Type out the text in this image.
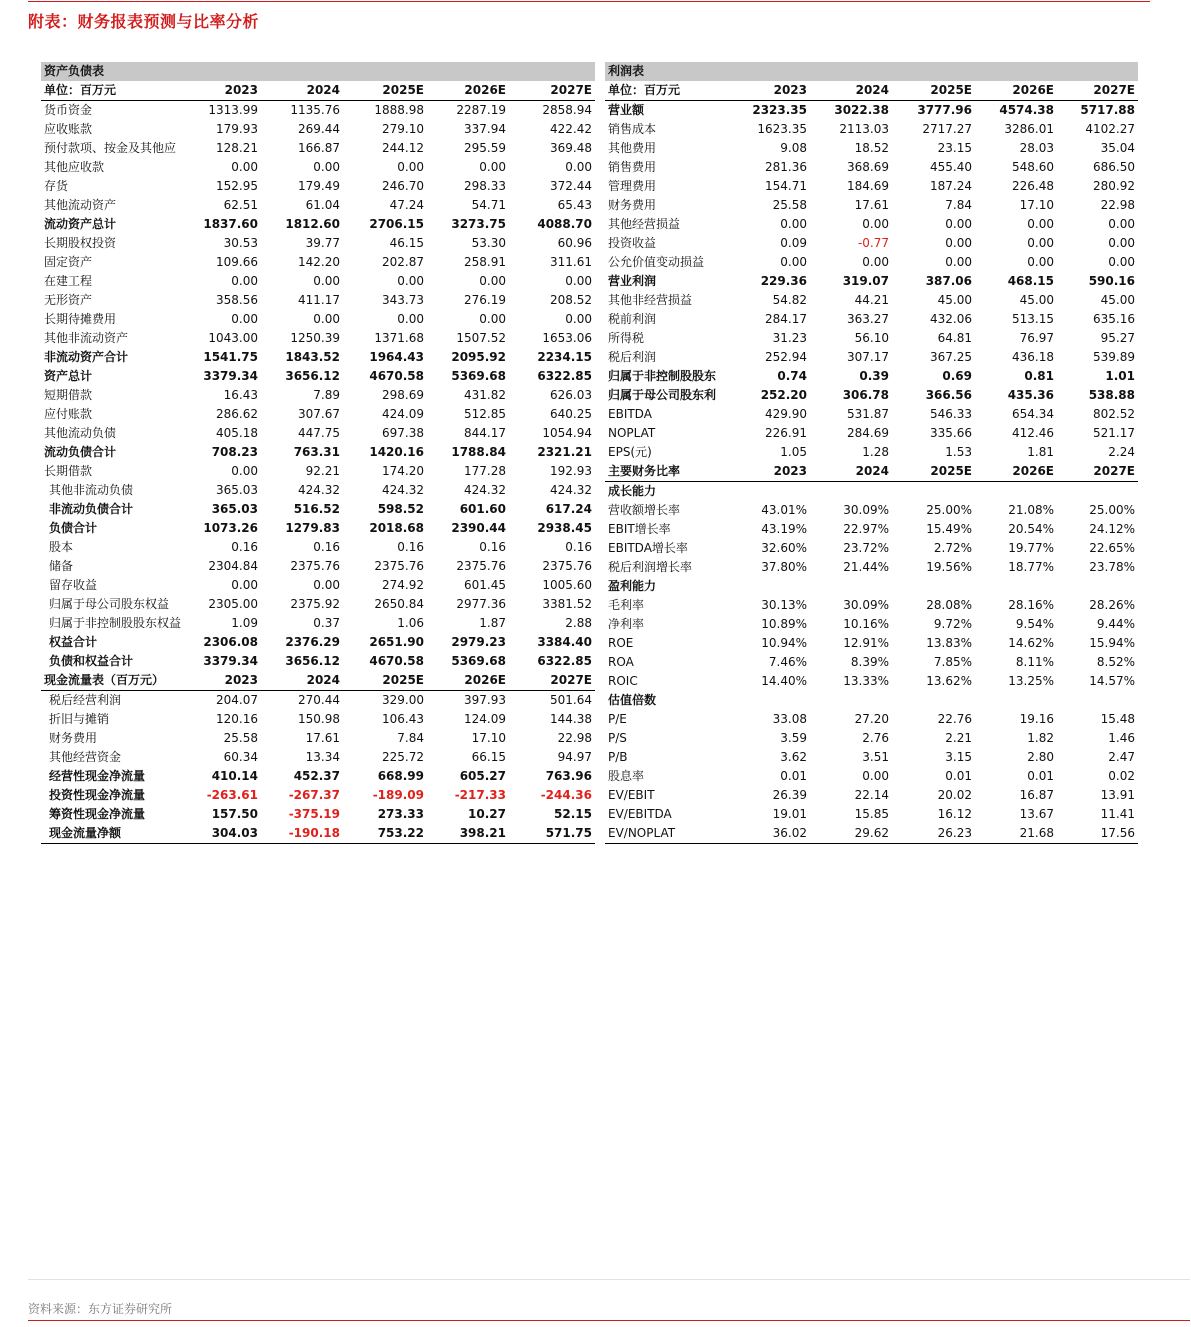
附表：财务报表预测与比率分析
资产负债表					
单位：百万元	2023	2024	2025E	2026E	2027E
货币资金	1313.99	1135.76	1888.98	2287.19	2858.94
应收账款	179.93	269.44	279.10	337.94	422.42
预付款项、按金及其他应	128.21	166.87	244.12	295.59	369.48
其他应收款	0.00	0.00	0.00	0.00	0.00
存货	152.95	179.49	246.70	298.33	372.44
其他流动资产	62.51	61.04	47.24	54.71	65.43
流动资产总计	1837.60	1812.60	2706.15	3273.75	4088.70
长期股权投资	30.53	39.77	46.15	53.30	60.96
固定资产	109.66	142.20	202.87	258.91	311.61
在建工程	0.00	0.00	0.00	0.00	0.00
无形资产	358.56	411.17	343.73	276.19	208.52
长期待摊费用	0.00	0.00	0.00	0.00	0.00
其他非流动资产	1043.00	1250.39	1371.68	1507.52	1653.06
非流动资产合计	1541.75	1843.52	1964.43	2095.92	2234.15
资产总计	3379.34	3656.12	4670.58	5369.68	6322.85
短期借款	16.43	7.89	298.69	431.82	626.03
应付账款	286.62	307.67	424.09	512.85	640.25
其他流动负债	405.18	447.75	697.38	844.17	1054.94
流动负债合计	708.23	763.31	1420.16	1788.84	2321.21
长期借款	0.00	92.21	174.20	177.28	192.93
其他非流动负债	365.03	424.32	424.32	424.32	424.32
非流动负债合计	365.03	516.52	598.52	601.60	617.24
负债合计	1073.26	1279.83	2018.68	2390.44	2938.45
股本	0.16	0.16	0.16	0.16	0.16
储备	2304.84	2375.76	2375.76	2375.76	2375.76
留存收益	0.00	0.00	274.92	601.45	1005.60
归属于母公司股东权益	2305.00	2375.92	2650.84	2977.36	3381.52
归属于非控制股股东权益	1.09	0.37	1.06	1.87	2.88
权益合计	2306.08	2376.29	2651.90	2979.23	3384.40
负债和权益合计	3379.34	3656.12	4670.58	5369.68	6322.85
现金流量表（百万元）	2023	2024	2025E	2026E	2027E
税后经营利润	204.07	270.44	329.00	397.93	501.64
折旧与摊销	120.16	150.98	106.43	124.09	144.38
财务费用	25.58	17.61	7.84	17.10	22.98
其他经营资金	60.34	13.34	225.72	66.15	94.97
经营性现金净流量	410.14	452.37	668.99	605.27	763.96
投资性现金净流量	-263.61	-267.37	-189.09	-217.33	-244.36
筹资性现金净流量	157.50	-375.19	273.33	10.27	52.15
现金流量净额	304.03	-190.18	753.22	398.21	571.75
利润表					
单位：百万元	2023	2024	2025E	2026E	2027E
营业额	2323.35	3022.38	3777.96	4574.38	5717.88
销售成本	1623.35	2113.03	2717.27	3286.01	4102.27
其他费用	9.08	18.52	23.15	28.03	35.04
销售费用	281.36	368.69	455.40	548.60	686.50
管理费用	154.71	184.69	187.24	226.48	280.92
财务费用	25.58	17.61	7.84	17.10	22.98
其他经营损益	0.00	0.00	0.00	0.00	0.00
投资收益	0.09	-0.77	0.00	0.00	0.00
公允价值变动损益	0.00	0.00	0.00	0.00	0.00
营业利润	229.36	319.07	387.06	468.15	590.16
其他非经营损益	54.82	44.21	45.00	45.00	45.00
税前利润	284.17	363.27	432.06	513.15	635.16
所得税	31.23	56.10	64.81	76.97	95.27
税后利润	252.94	307.17	367.25	436.18	539.89
归属于非控制股股东	0.74	0.39	0.69	0.81	1.01
归属于母公司股东利	252.20	306.78	366.56	435.36	538.88
EBITDA	429.90	531.87	546.33	654.34	802.52
NOPLAT	226.91	284.69	335.66	412.46	521.17
EPS(元)	1.05	1.28	1.53	1.81	2.24
主要财务比率	2023	2024	2025E	2026E	2027E
成长能力					
营收额增长率	43.01%	30.09%	25.00%	21.08%	25.00%
EBIT增长率	43.19%	22.97%	15.49%	20.54%	24.12%
EBITDA增长率	32.60%	23.72%	2.72%	19.77%	22.65%
税后利润增长率	37.80%	21.44%	19.56%	18.77%	23.78%
盈利能力					
毛利率	30.13%	30.09%	28.08%	28.16%	28.26%
净利率	10.89%	10.16%	9.72%	9.54%	9.44%
ROE	10.94%	12.91%	13.83%	14.62%	15.94%
ROA	7.46%	8.39%	7.85%	8.11%	8.52%
ROIC	14.40%	13.33%	13.62%	13.25%	14.57%
估值倍数					
P/E	33.08	27.20	22.76	19.16	15.48
P/S	3.59	2.76	2.21	1.82	1.46
P/B	3.62	3.51	3.15	2.80	2.47
股息率	0.01	0.00	0.01	0.01	0.02
EV/EBIT	26.39	22.14	20.02	16.87	13.91
EV/EBITDA	19.01	15.85	16.12	13.67	11.41
EV/NOPLAT	36.02	29.62	26.23	21.68	17.56
资料来源：东方证券研究所
